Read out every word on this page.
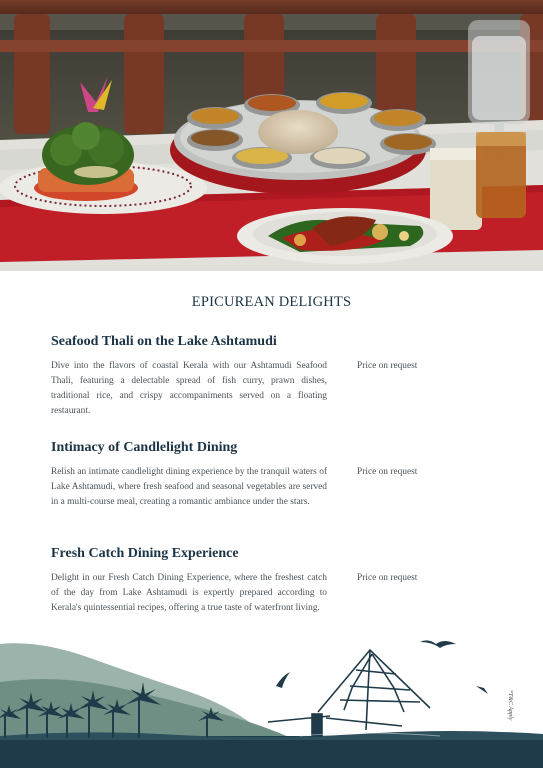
EPICUREAN DELIGHTS
Seafood Thali on the Lake Ashtamudi

Dive into the flavors of coastal Kerala with our Ashtamudi Seafood Thali, featuring a delectable spread of fish curry, prawn dishes, traditional rice, and crispy accompaniments served on a floating restaurant.

Price on request
Intimacy of Candlelight Dining

Relish an intimate candlelight dining experience by the tranquil waters of Lake Ashtamudi, where fresh seafood and seasonal vegetables are served in a multi-course meal, creating a romantic ambiance under the stars.

Price on request
Fresh Catch Dining Experience

Delight in our Fresh Catch Dining Experience, where the freshest catch of the day from Lake Ashtamudi is expertly prepared according to Kerala's quintessential recipes, offering a true taste of waterfront living.

Price on request
*T&C Apply
